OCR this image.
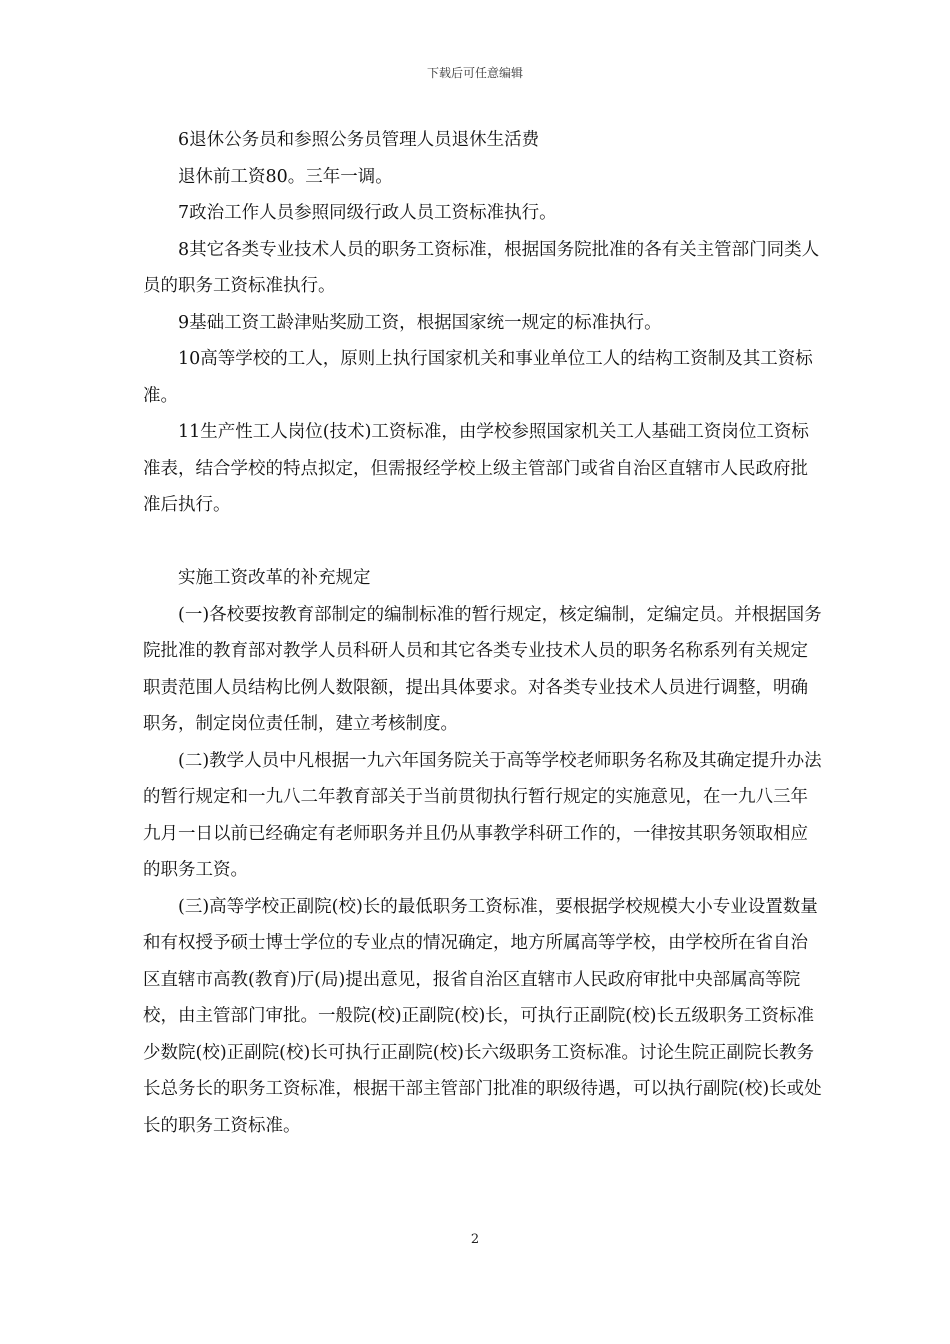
下载后可任意编辑

6退休公务员和参照公务员管理人员退休生活费

退休前工资80。三年一调。

7政治工作人员参照同级行政人员工资标准执行。

8其它各类专业技术人员的职务工资标准，根据国务院批准的各有关主管部门同类人员的职务工资标准执行。

9基础工资工龄津贴奖励工资，根据国家统一规定的标准执行。

10高等学校的工人，原则上执行国家机关和事业单位工人的结构工资制及其工资标准。

11生产性工人岗位(技术)工资标准，由学校参照国家机关工人基础工资岗位工资标准表，结合学校的特点拟定，但需报经学校上级主管部门或省自治区直辖市人民政府批准后执行。

实施工资改革的补充规定

(一)各校要按教育部制定的编制标准的暂行规定，核定编制，定编定员。并根据国务院批准的教育部对教学人员科研人员和其它各类专业技术人员的职务名称系列有关规定职责范围人员结构比例人数限额，提出具体要求。对各类专业技术人员进行调整，明确职务，制定岗位责任制，建立考核制度。

(二)教学人员中凡根据一九六年国务院关于高等学校老师职务名称及其确定提升办法的暂行规定和一九八二年教育部关于当前贯彻执行暂行规定的实施意见，在一九八三年九月一日以前已经确定有老师职务并且仍从事教学科研工作的，一律按其职务领取相应的职务工资。

(三)高等学校正副院(校)长的最低职务工资标准，要根据学校规模大小专业设置数量和有权授予硕士博士学位的专业点的情况确定，地方所属高等学校，由学校所在省自治区直辖市高教(教育)厅(局)提出意见，报省自治区直辖市人民政府审批中央部属高等院校，由主管部门审批。一般院(校)正副院(校)长，可执行正副院(校)长五级职务工资标准少数院(校)正副院(校)长可执行正副院(校)长六级职务工资标准。讨论生院正副院长教务长总务长的职务工资标准，根据干部主管部门批准的职级待遇，可以执行副院(校)长或处长的职务工资标准。

2
